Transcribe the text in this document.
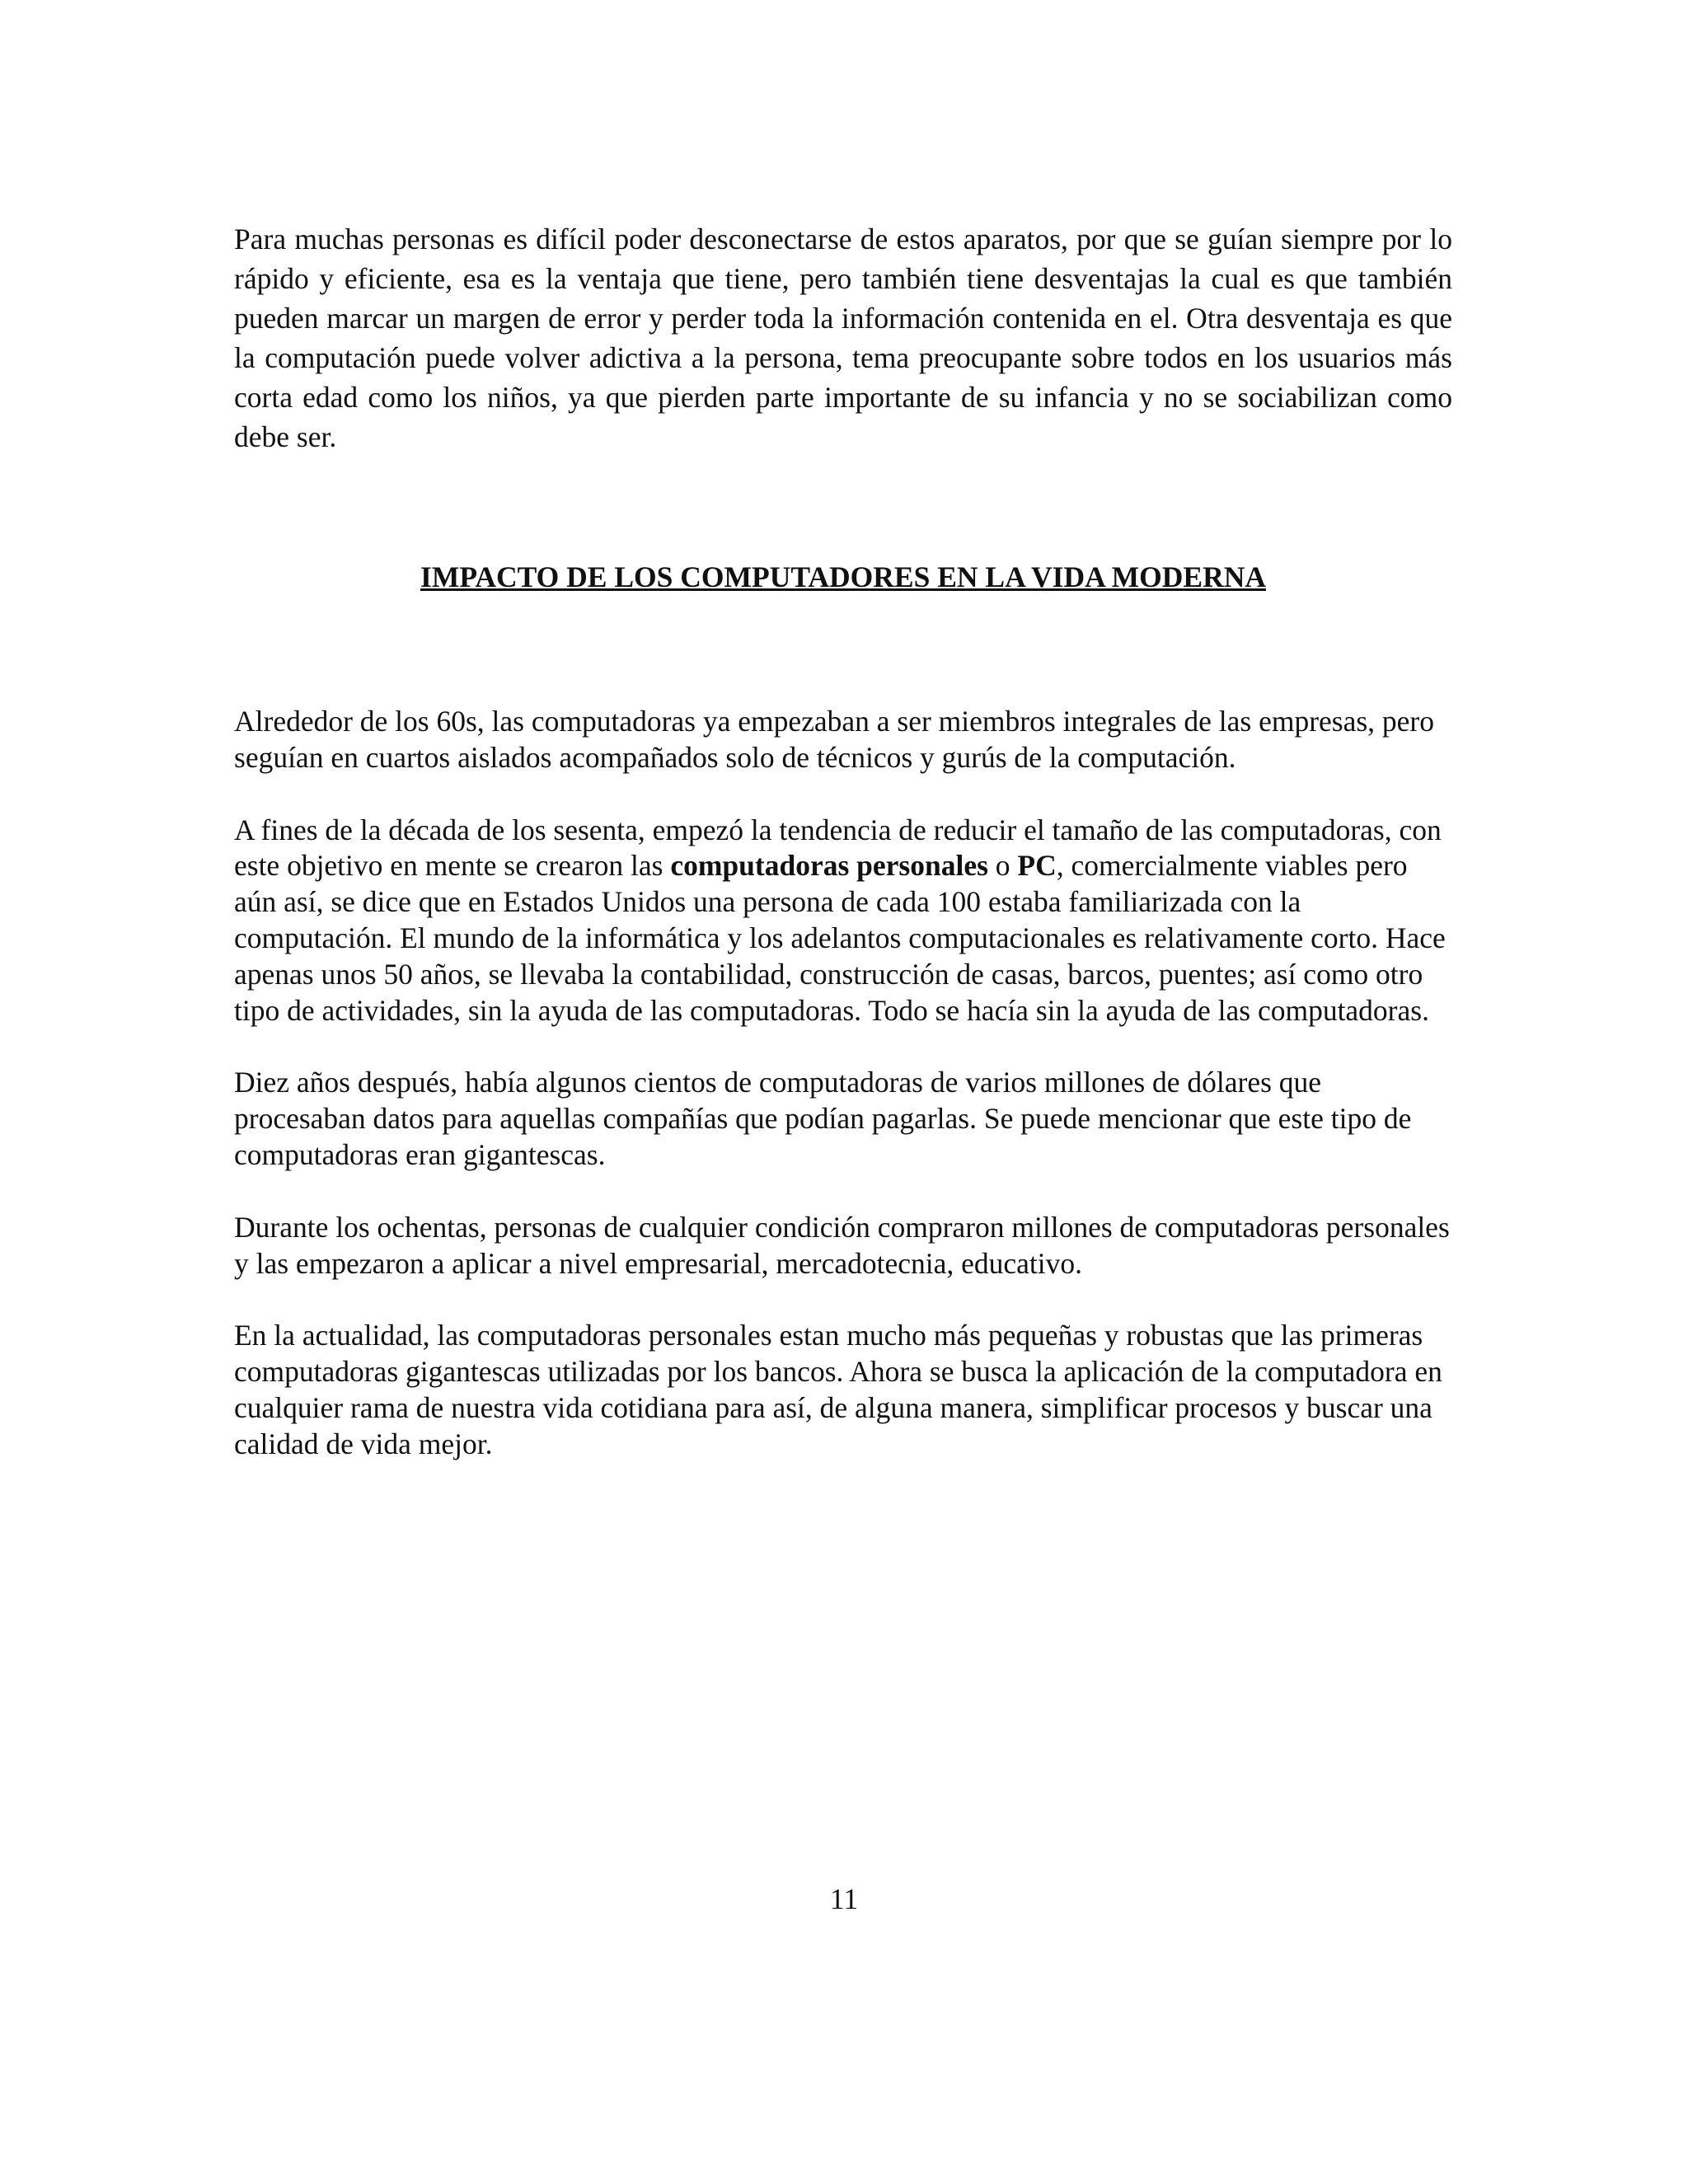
Para muchas personas es difícil poder desconectarse de estos aparatos, por que se guían siempre por lo rápido y eficiente, esa es la ventaja que tiene, pero también tiene desventajas la cual es que también pueden marcar un margen de error y perder toda la información contenida en el. Otra desventaja es que la computación puede volver adictiva a la persona, tema preocupante sobre todos en los usuarios más corta edad como los niños, ya que pierden parte importante de su infancia y no se sociabilizan como debe ser.

IMPACTO DE LOS COMPUTADORES EN LA VIDA MODERNA

Alrededor de los 60s, las computadoras ya empezaban a ser miembros integrales de las empresas, pero seguían en cuartos aislados acompañados solo de técnicos y gurús de la computación.

A fines de la década de los sesenta, empezó la tendencia de reducir el tamaño de las computadoras, con este objetivo en mente se crearon las computadoras personales o PC, comercialmente viables pero aún así, se dice que en Estados Unidos una persona de cada 100 estaba familiarizada con la computación. El mundo de la informática y los adelantos computacionales es relativamente corto. Hace apenas unos 50 años, se llevaba la contabilidad, construcción de casas, barcos, puentes; así como otro tipo de actividades, sin la ayuda de las computadoras. Todo se hacía sin la ayuda de las computadoras.

Diez años después, había algunos cientos de computadoras de varios millones de dólares que procesaban datos para aquellas compañías que podían pagarlas. Se puede mencionar que este tipo de computadoras eran gigantescas.

Durante los ochentas, personas de cualquier condición compraron millones de computadoras personales y las empezaron a aplicar a nivel empresarial, mercadotecnia, educativo.

En la actualidad, las computadoras personales estan mucho más pequeñas y robustas que las primeras computadoras gigantescas utilizadas por los bancos. Ahora se busca la aplicación de la computadora en cualquier rama de nuestra vida cotidiana para así, de alguna manera, simplificar procesos y buscar una calidad de vida mejor.

11
